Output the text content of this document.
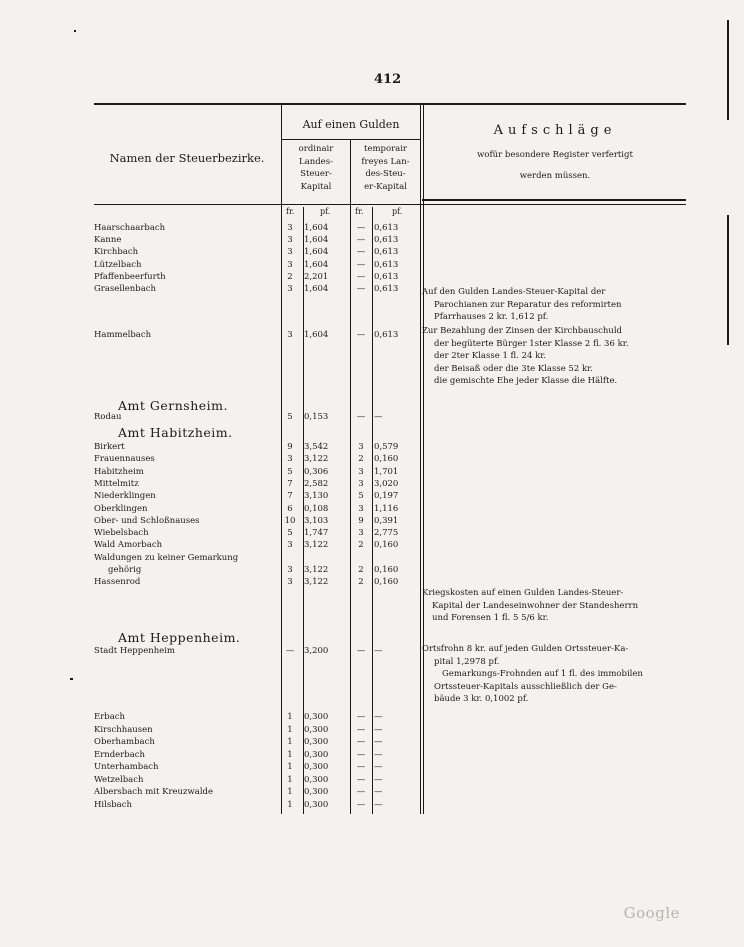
412
Auf einen Gulden
Namen der Steuerbezirke.
ordinair
Landes-
Steuer-
Kapital
temporair
freyes Lan-
des-Steu-
er-Kapital
Aufschläge
wofür besondere Register verfertigt
werden müssen.
fr.	pf.	fr.	pf.
Haarschaarbach	3	1,604	—	0,613
Kanne	3	1,604	—	0,613
Kirchbach	3	1,604	—	0,613
Lützelbach	3	1,604	—	0,613
Pfaffenbeerfurth	2	2,201	—	0,613
Grasellenbach	3	1,604	—	0,613
Hammelbach	3	1,604	—	0,613
Amt Gernsheim.
Rodau	5	0,153	—	—
Amt Habitzheim.
Birkert	9	3,542	3	0,579
Frauennauses	3	3,122	2	0,160
Habitzheim	5	0,306	3	1,701
Mittelmitz	7	2,582	3	3,020
Niederklingen	7	3,130	5	0,197
Oberklingen	6	0,108	3	1,116
Ober- und Schloßnauses	10	3,103	9	0,391
Wiebelsbach	5	1,747	3	2,775
Wald Amorbach	3	3,122	2	0,160
Waldungen zu keiner Gemarkung
gehörig	3	3,122	2	0,160
Hassenrod	3	3,122	2	0,160
Amt Heppenheim.
Stadt Heppenheim	—	3,200	—	—
Erbach	1	0,300	—	—
Kirschhausen	1	0,300	—	—
Oberhambach	1	0,300	—	—
Ernderbach	1	0,300	—	—
Unterhambach	1	0,300	—	—
Wetzelbach	1	0,300	—	—
Albersbach mit Kreuzwalde	1	0,300	—	—
Hilsbach	1	0,300	—	—
Auf den Gulden Landes-Steuer-Kapital der
Parochianen zur Reparatur des reformirten
Pfarrhauses 2 kr. 1,612 pf.
Zur Bezahlung der Zinsen der Kirchbauschuld
der begüterte Bürger 1ster Klasse 2 fl. 36 kr.
der 2ter Klasse 1 fl. 24 kr.
der Beisaß oder die 3te Klasse 52 kr.
die gemischte Ehe jeder Klasse die Hälfte.
Kriegskosten auf einen Gulden Landes-Steuer-
Kapital der Landeseinwohner der Standesherrn
und Forensen 1 fl. 5 5/6 kr.
Ortsfrohn 8 kr. auf jeden Gulden Ortssteuer-Ka-
pital 1,2978 pf.
Gemarkungs-Frohnden auf 1 fl. des immobilen
Ortssteuer-Kapitals ausschließlich der Ge-
bäude 3 kr. 0,1002 pf.
Google
